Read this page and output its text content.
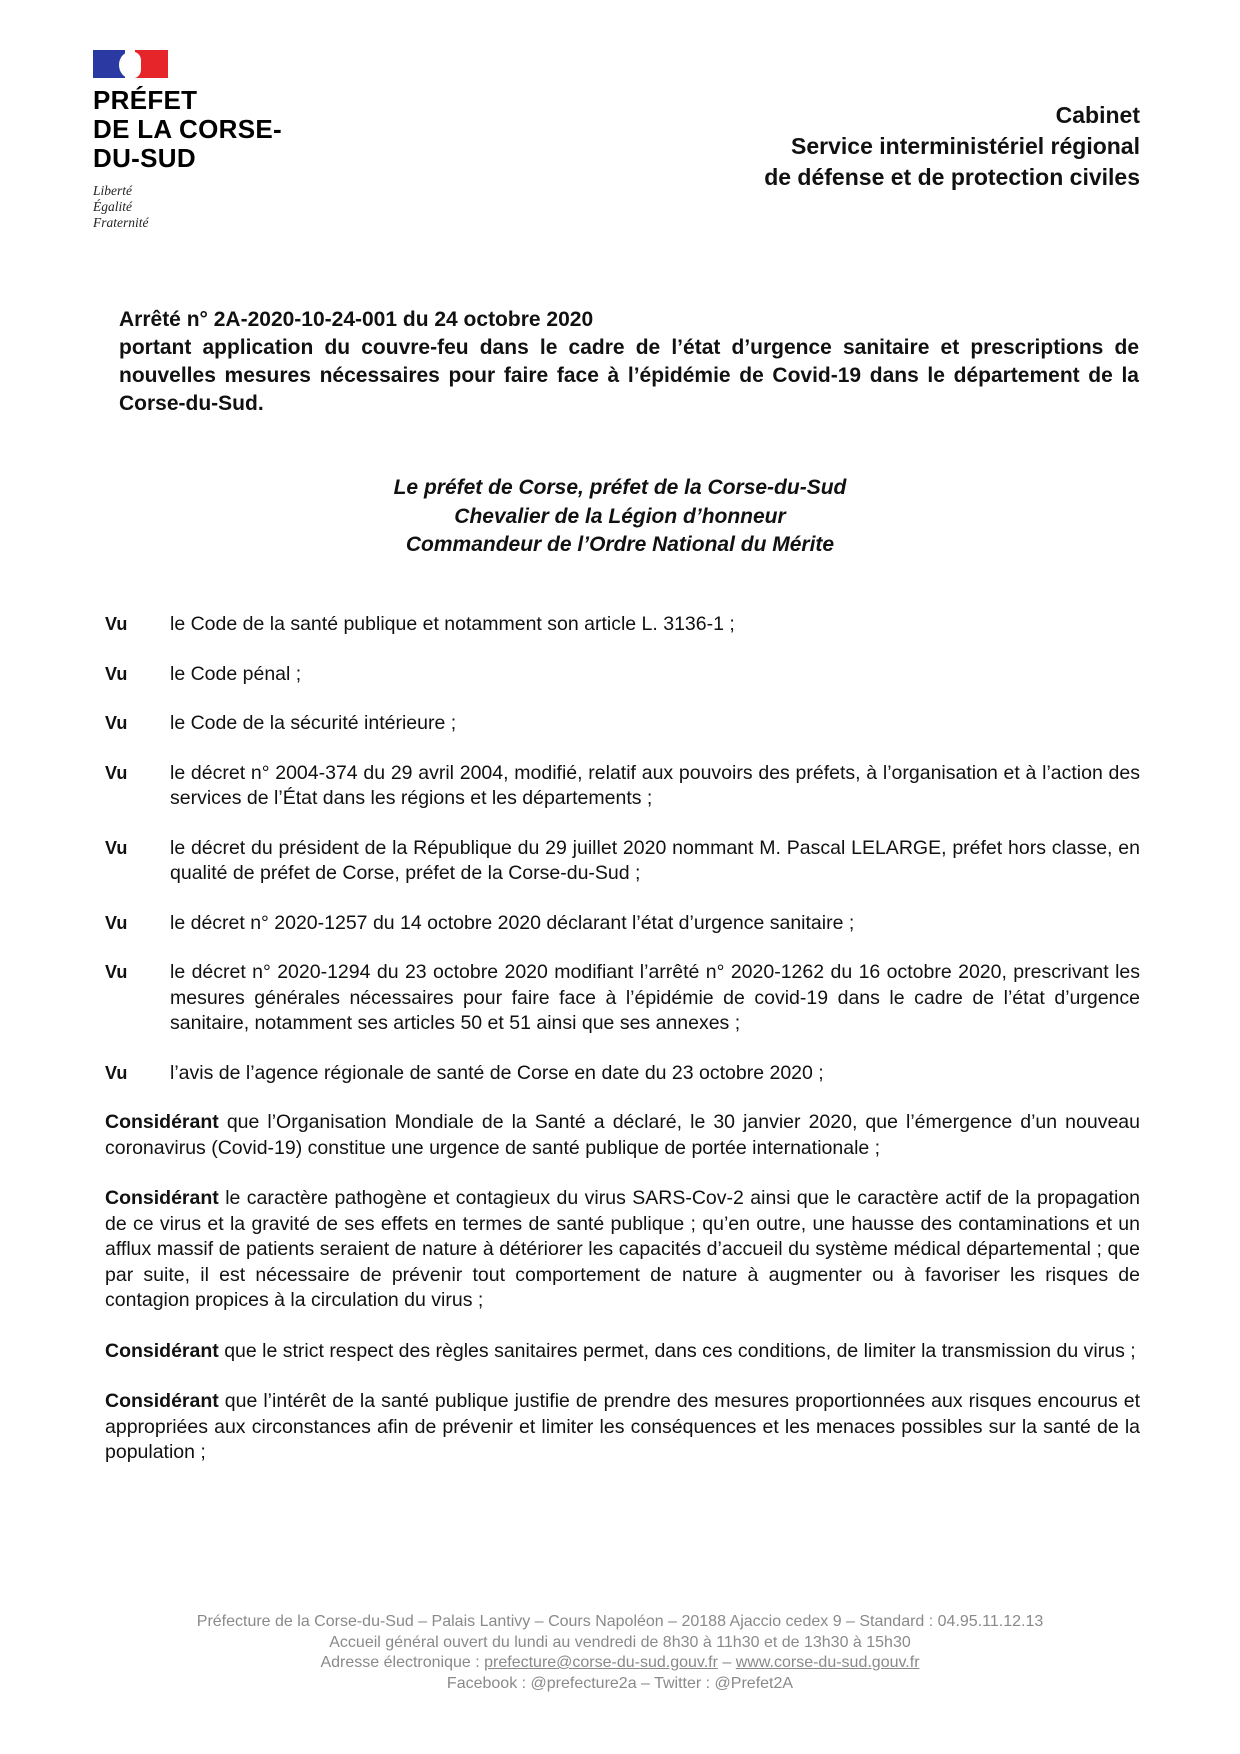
PRÉFET
DE LA CORSE-
DU-SUD
Liberté
Égalité
Fraternité
Cabinet
Service interministériel régional
de défense et de protection civiles
Arrêté n° 2A-2020-10-24-001 du 24 octobre 2020
portant application du couvre-feu dans le cadre de l’état d’urgence sanitaire et prescriptions de nouvelles mesures nécessaires pour faire face à l’épidémie de Covid-19 dans le département de la Corse-du-Sud.
Le préfet de Corse, préfet de la Corse-du-Sud
Chevalier de la Légion d’honneur
Commandeur de l’Ordre National du Mérite
Vu	le Code de la santé publique et notamment son article L. 3136-1 ;
Vu	le Code pénal ;
Vu	le Code de la sécurité intérieure ;
Vu	le décret n° 2004-374 du 29 avril 2004, modifié, relatif aux pouvoirs des préfets, à l’organisation et à l’action des services de l’État dans les régions et les départements ;
Vu	le décret du président de la République du 29 juillet 2020 nommant M. Pascal LELARGE, préfet hors classe, en qualité de préfet de Corse, préfet de la Corse-du-Sud ;
Vu	le décret n° 2020-1257 du 14 octobre 2020 déclarant l’état d’urgence sanitaire ;
Vu	le décret n° 2020-1294 du 23 octobre 2020 modifiant l’arrêté n° 2020-1262 du 16 octobre 2020, prescrivant les mesures générales nécessaires pour faire face à l’épidémie de covid-19 dans le cadre de l’état d’urgence sanitaire, notamment ses articles 50 et 51 ainsi que ses annexes ;
Vu	l’avis de l’agence régionale de santé de Corse en date du 23 octobre 2020 ;
Considérant que l’Organisation Mondiale de la Santé a déclaré, le 30 janvier 2020, que l’émergence d’un nouveau coronavirus (Covid-19) constitue une urgence de santé publique de portée internationale ;
Considérant le caractère pathogène et contagieux du virus SARS-Cov-2 ainsi que le caractère actif de la propagation de ce virus et la gravité de ses effets en termes de santé publique ; qu’en outre, une hausse des contaminations et un afflux massif de patients seraient de nature à détériorer les capacités d’accueil du système médical départemental ; que par suite, il est nécessaire de prévenir tout comportement de nature à augmenter ou à favoriser les risques de contagion propices à la circulation du virus ;
Considérant que le strict respect des règles sanitaires permet, dans ces conditions, de limiter la transmission du virus ;
Considérant que l’intérêt de la santé publique justifie de prendre des mesures proportionnées aux risques encourus et appropriées aux circonstances afin de prévenir et limiter les conséquences et les menaces possibles sur la santé de la population ;
Préfecture de la Corse-du-Sud – Palais Lantivy – Cours Napoléon – 20188 Ajaccio cedex 9 – Standard : 04.95.11.12.13
Accueil général ouvert du lundi au vendredi de 8h30 à 11h30 et de 13h30 à 15h30
Adresse électronique : prefecture@corse-du-sud.gouv.fr – www.corse-du-sud.gouv.fr
Facebook : @prefecture2a – Twitter : @Prefet2A
